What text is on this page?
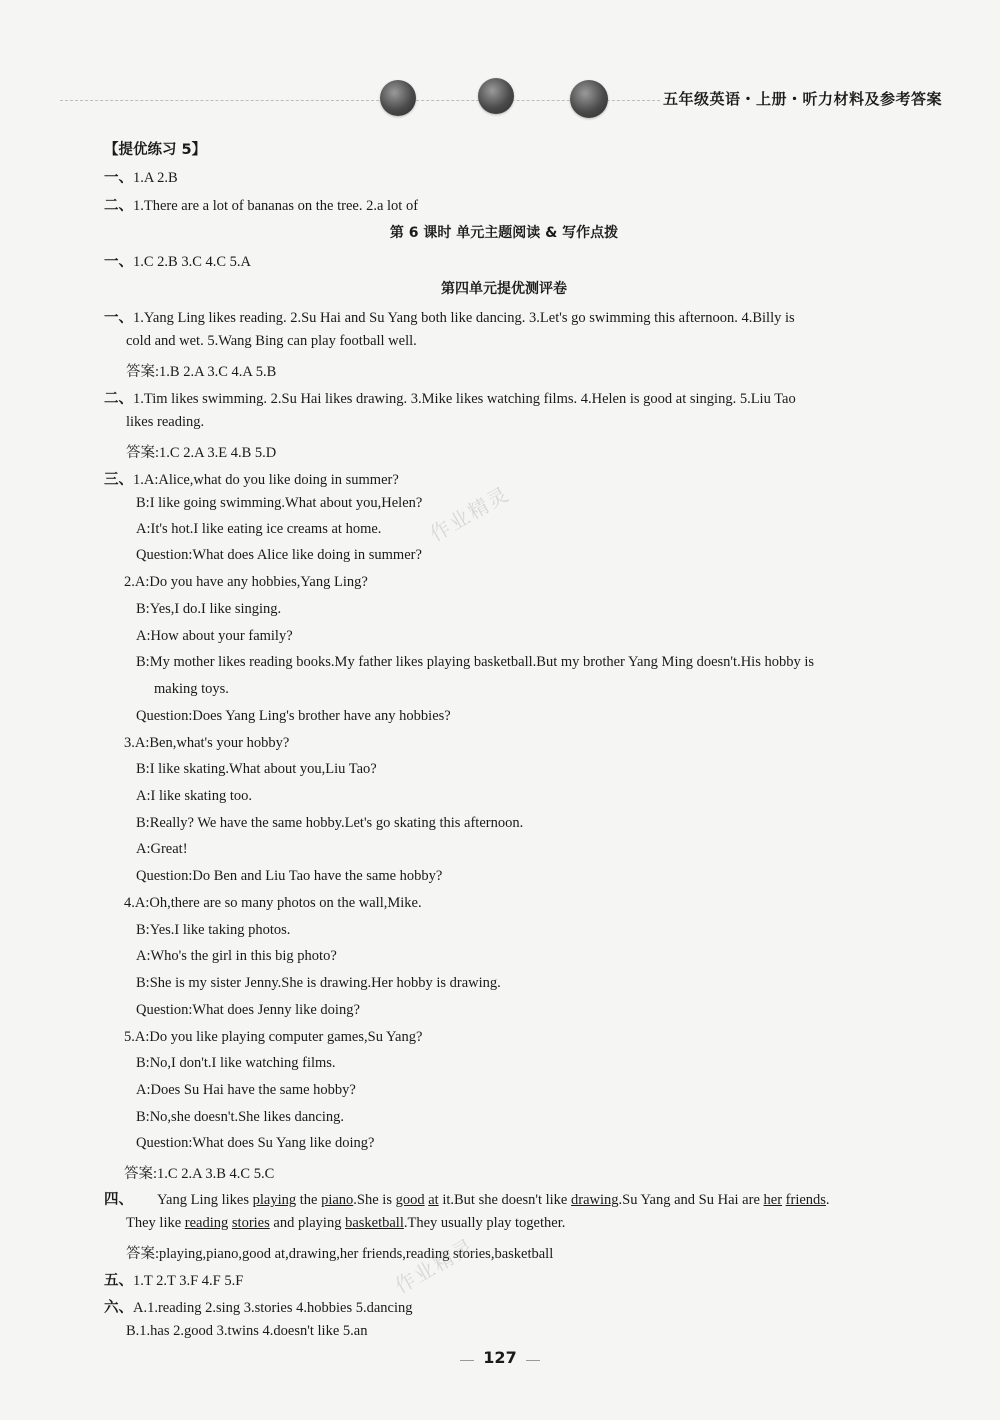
五年级英语・上册・听力材料及参考答案
【提优练习 5】
一、1.A 2.B
二、1.There are a lot of bananas on the tree. 2.a lot of
第 6 课时 单元主题阅读 & 写作点拨
一、1.C 2.B 3.C 4.C 5.A
第四单元提优测评卷
一、1.Yang Ling likes reading. 2.Su Hai and Su Yang both like dancing. 3.Let's go swimming this afternoon. 4.Billy is
cold and wet. 5.Wang Bing can play football well.
答案:1.B 2.A 3.C 4.A 5.B
二、1.Tim likes swimming. 2.Su Hai likes drawing. 3.Mike likes watching films. 4.Helen is good at singing. 5.Liu Tao
likes reading.
答案:1.C 2.A 3.E 4.B 5.D
三、1.A:Alice,what do you like doing in summer?
B:I like going swimming.What about you,Helen?
A:It's hot.I like eating ice creams at home.
Question:What does Alice like doing in summer?
2.A:Do you have any hobbies,Yang Ling?
B:Yes,I do.I like singing.
A:How about your family?
B:My mother likes reading books.My father likes playing basketball.But my brother Yang Ming doesn't.His hobby is
making toys.
Question:Does Yang Ling's brother have any hobbies?
3.A:Ben,what's your hobby?
B:I like skating.What about you,Liu Tao?
A:I like skating too.
B:Really? We have the same hobby.Let's go skating this afternoon.
A:Great!
Question:Do Ben and Liu Tao have the same hobby?
4.A:Oh,there are so many photos on the wall,Mike.
B:Yes.I like taking photos.
A:Who's the girl in this big photo?
B:She is my sister Jenny.She is drawing.Her hobby is drawing.
Question:What does Jenny like doing?
5.A:Do you like playing computer games,Su Yang?
B:No,I don't.I like watching films.
A:Does Su Hai have the same hobby?
B:No,she doesn't.She likes dancing.
Question:What does Su Yang like doing?
答案:1.C 2.A 3.B 4.C 5.C
四、 Yang Ling likes playing the piano.She is good at it.But she doesn't like drawing.Su Yang and Su Hai are her friends.
They like reading stories and playing basketball.They usually play together.
答案:playing,piano,good at,drawing,her friends,reading stories,basketball
五、1.T 2.T 3.F 4.F 5.F
六、A.1.reading 2.sing 3.stories 4.hobbies 5.dancing
B.1.has 2.good 3.twins 4.doesn't like 5.an
作业精灵
作业精灵
127
